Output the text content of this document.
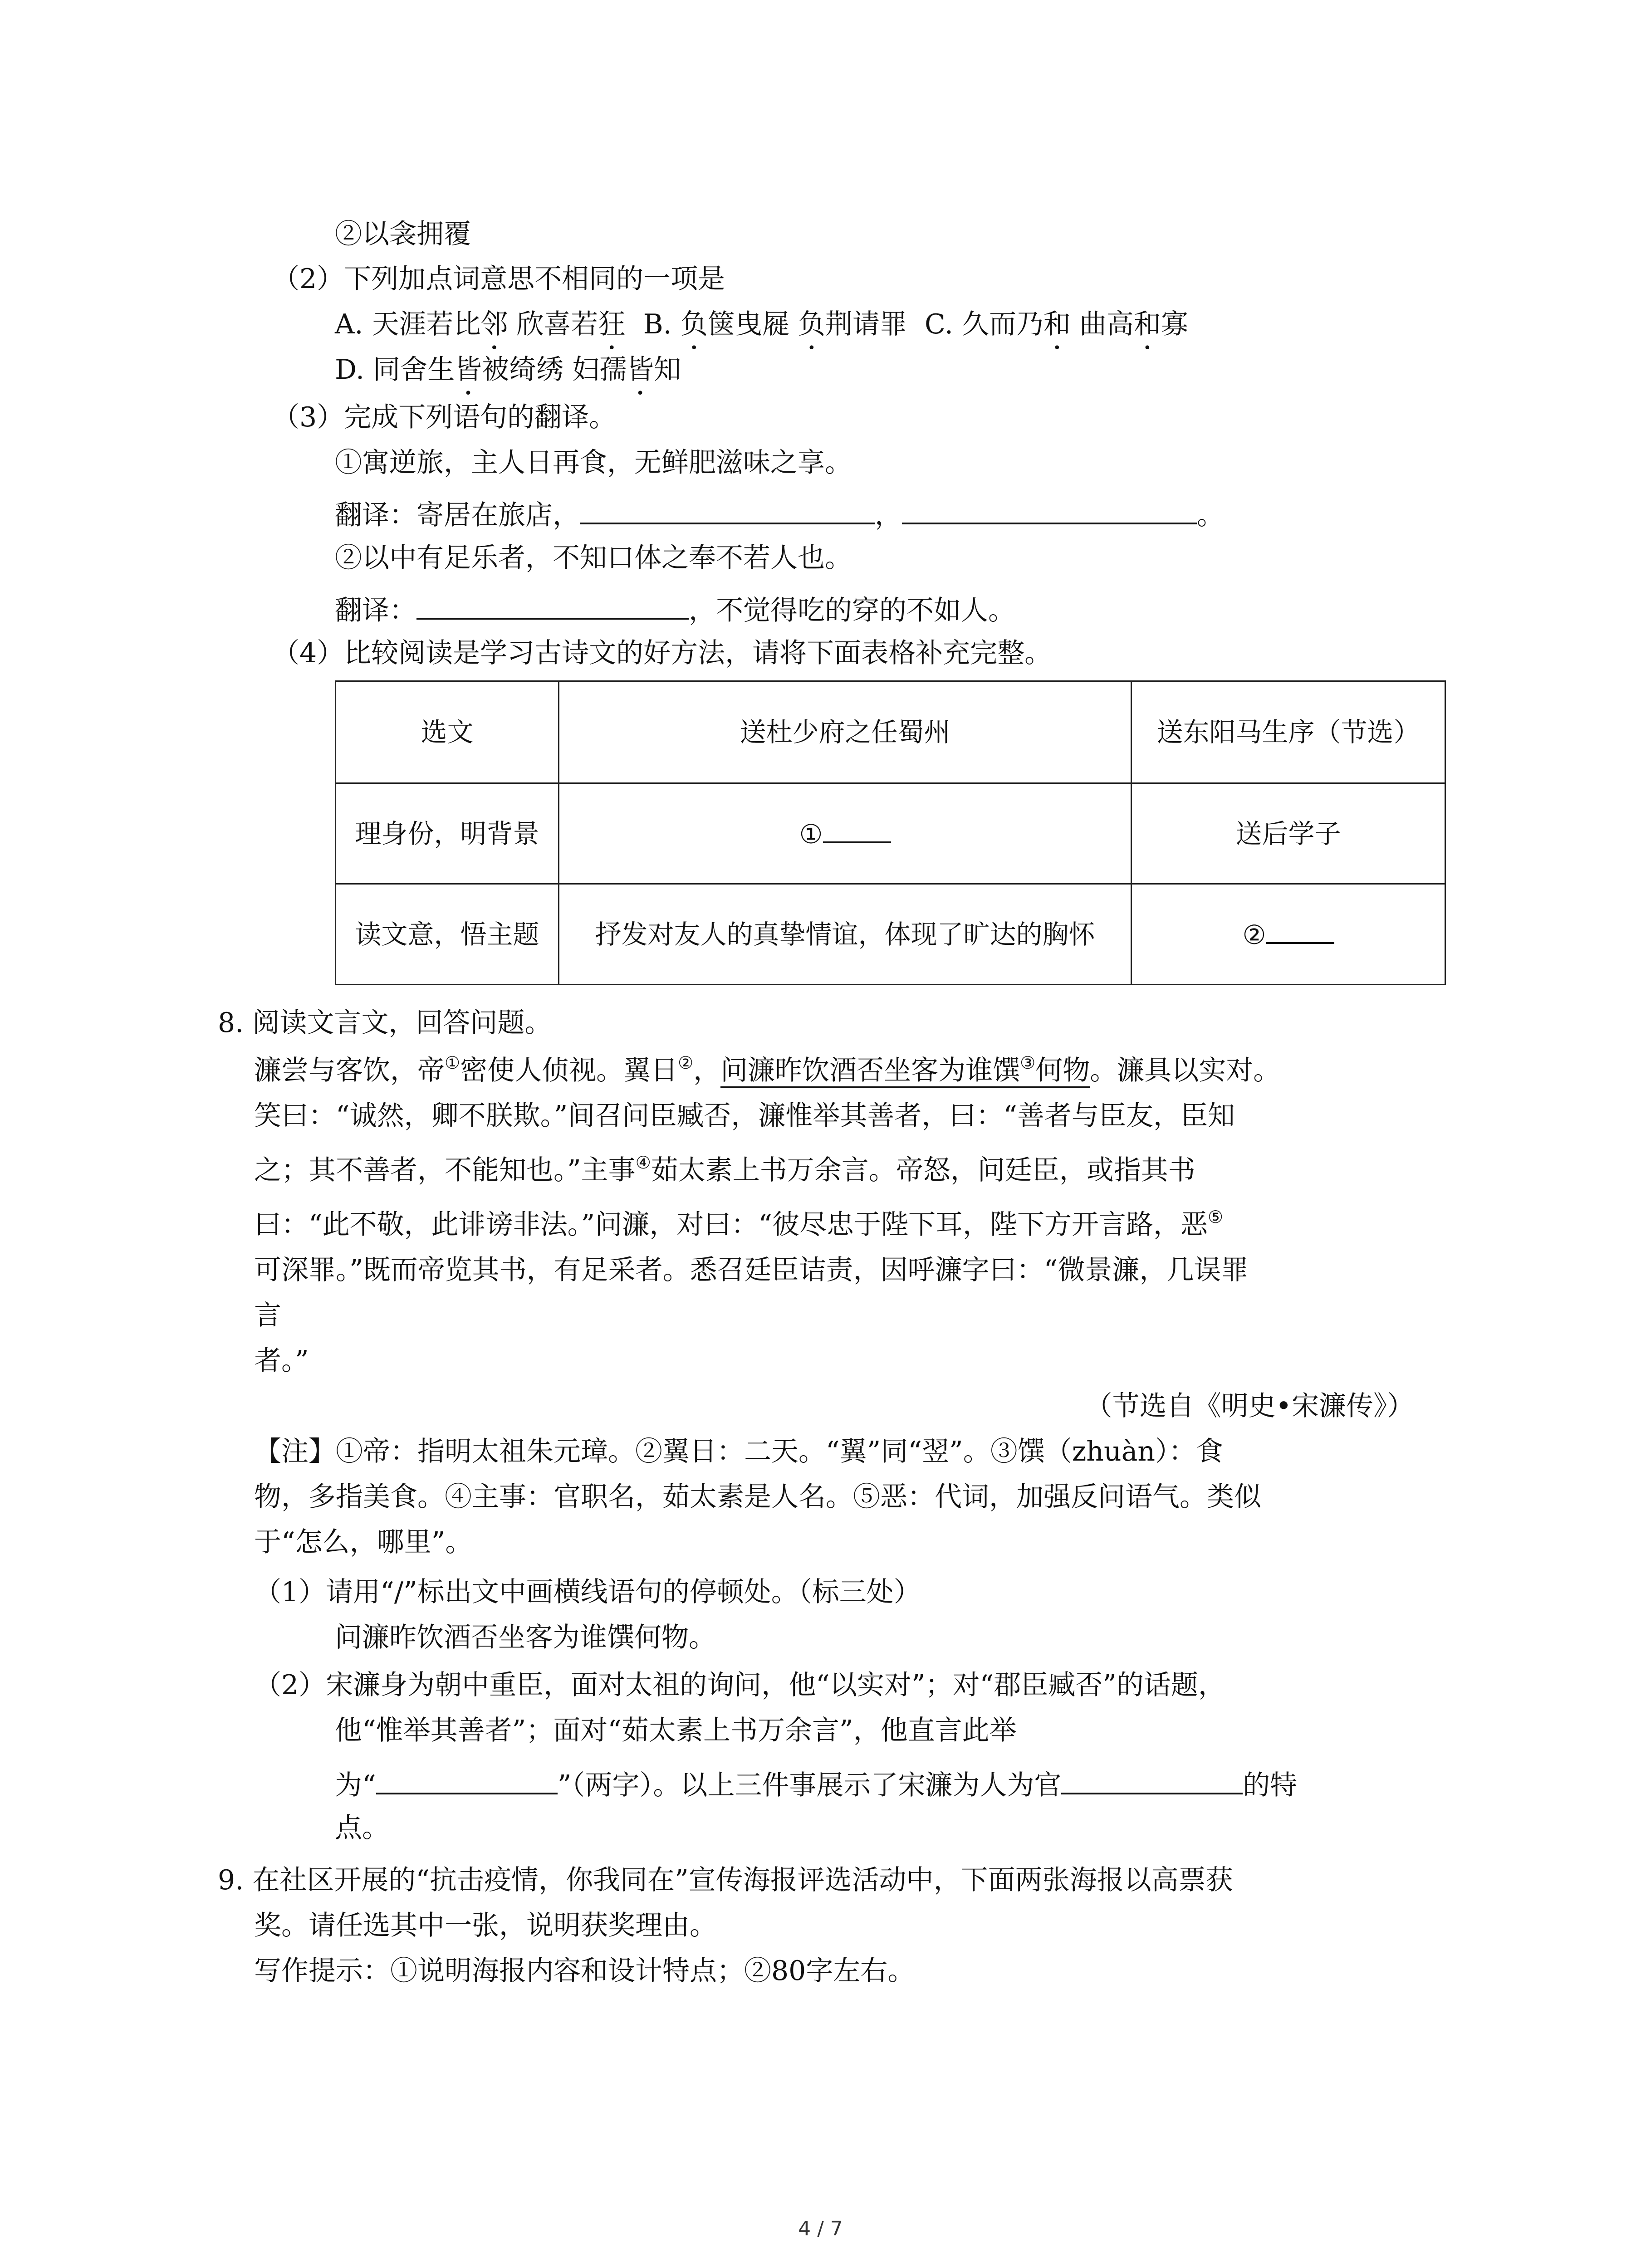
②以衾拥覆
（2）下列加点词意思不相同的一项是
A. 天涯若比邻 欣喜若狂 B. 负箧曳屣 负荆请罪 C. 久而乃和 曲高和寡
D. 同舍生皆被绮绣 妇孺皆知
（3）完成下列语句的翻译。
①寓逆旅，主人日再食，无鲜肥滋味之享。
翻译：寄居在旅店，	，	。
②以中有足乐者，不知口体之奉不若人也。
翻译：	，不觉得吃的穿的不如人。
（4）比较阅读是学习古诗文的好方法，请将下面表格补充完整。
选文	送杜少府之任蜀州	送东阳马生序（节选）
理身份，明背景	①	送后学子
读文意，悟主题	抒发对友人的真挚情谊，体现了旷达的胸怀	②
8. 阅读文言文，回答问题。
濂尝与客饮，帝①密使人侦视。翼日②，问濂昨饮酒否坐客为谁馔③何物。濂具以实对。
笑曰：“诚然，卿不朕欺。”间召问臣臧否，濂惟举其善者，曰：“善者与臣友，臣知
之；其不善者，不能知也。”主事④茹太素上书万余言。帝怒，问廷臣，或指其书
曰：“此不敬，此诽谤非法。”问濂，对曰：“彼尽忠于陛下耳，陛下方开言路，恶⑤
可深罪。”既而帝览其书，有足采者。悉召廷臣诘责，因呼濂字曰：“微景濂，几误罪
言
者。”
（节选自《明史•宋濂传》）
【注】①帝：指明太祖朱元璋。②翼日：二天。“翼”同“翌”。③馔（zhuàn）：食
物，多指美食。④主事：官职名，茹太素是人名。⑤恶：代词，加强反问语气。类似
于“怎么，哪里”。
（1）请用“/”标出文中画横线语句的停顿处。（标三处）
问濂昨饮酒否坐客为谁馔何物。
（2）宋濂身为朝中重臣，面对太祖的询问，他“以实对”；对“郡臣臧否”的话题，
他“惟举其善者”；面对“茹太素上书万余言”，他直言此举
为“	”（两字）。以上三件事展示了宋濂为人为官	的特
点。
9. 在社区开展的“抗击疫情，你我同在”宣传海报评选活动中，下面两张海报以高票获
奖。请任选其中一张，说明获奖理由。
写作提示：①说明海报内容和设计特点；②80字左右。
4 / 7
